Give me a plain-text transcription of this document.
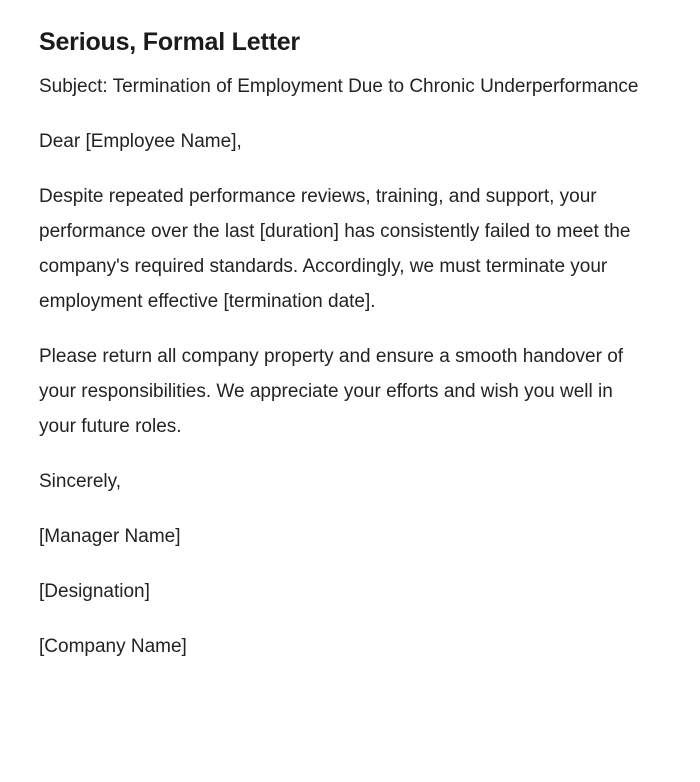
Serious, Formal Letter

Subject: Termination of Employment Due to Chronic Underperformance

Dear [Employee Name],

Despite repeated performance reviews, training, and support, your performance over the last [duration] has consistently failed to meet the company's required standards. Accordingly, we must terminate your employment effective [termination date].

Please return all company property and ensure a smooth handover of your responsibilities. We appreciate your efforts and wish you well in your future roles.

Sincerely,

[Manager Name]

[Designation]

[Company Name]
